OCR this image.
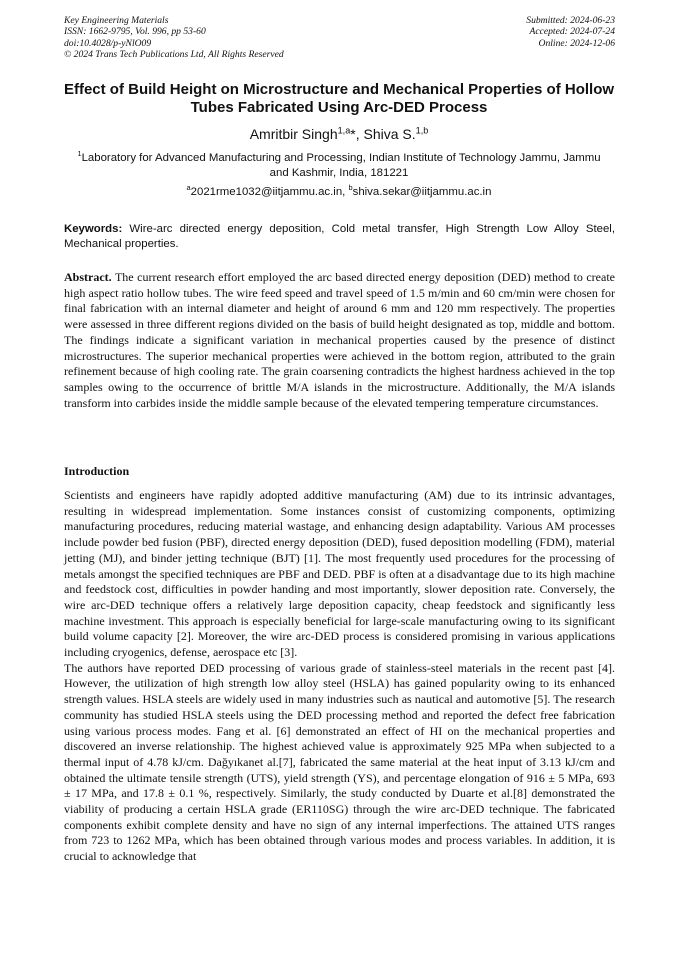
Key Engineering Materials
ISSN: 1662-9795, Vol. 996, pp 53-60
doi:10.4028/p-yNlO09
© 2024 Trans Tech Publications Ltd, All Rights Reserved
Submitted: 2024-06-23
Accepted: 2024-07-24
Online: 2024-12-06
Effect of Build Height on Microstructure and Mechanical Properties of Hollow Tubes Fabricated Using Arc-DED Process
Amritbir Singh$^{1,a}$*, Shiva S.$^{1,b}$
$^1$Laboratory for Advanced Manufacturing and Processing, Indian Institute of Technology Jammu, Jammu and Kashmir, India, 181221
$^a$2021rme1032@iitjammu.ac.in, $^b$shiva.sekar@iitjammu.ac.in
Keywords: Wire-arc directed energy deposition, Cold metal transfer, High Strength Low Alloy Steel, Mechanical properties.
Abstract. The current research effort employed the arc based directed energy deposition (DED) method to create high aspect ratio hollow tubes. The wire feed speed and travel speed of 1.5 m/min and 60 cm/min were chosen for final fabrication with an internal diameter and height of around 6 mm and 120 mm respectively. The properties were assessed in three different regions divided on the basis of build height designated as top, middle and bottom. The findings indicate a significant variation in mechanical properties caused by the presence of distinct microstructures. The superior mechanical properties were achieved in the bottom region, attributed to the grain refinement because of high cooling rate. The grain coarsening contradicts the highest hardness achieved in the top samples owing to the occurrence of brittle M/A islands in the microstructure. Additionally, the M/A islands transform into carbides inside the middle sample because of the elevated tempering temperature circumstances.
Introduction

Scientists and engineers have rapidly adopted additive manufacturing (AM) due to its intrinsic advantages, resulting in widespread implementation. Some instances consist of customizing components, optimizing manufacturing procedures, reducing material wastage, and enhancing design adaptability. Various AM processes include powder bed fusion (PBF), directed energy deposition (DED), fused deposition modelling (FDM), material jetting (MJ), and binder jetting technique (BJT) [1]. The most frequently used procedures for the processing of metals amongst the specified techniques are PBF and DED. PBF is often at a disadvantage due to its high machine and feedstock cost, difficulties in powder handing and most importantly, slower deposition rate. Conversely, the wire arc-DED technique offers a relatively large deposition capacity, cheap feedstock and significantly less machine investment. This approach is especially beneficial for large-scale manufacturing owing to its significant build volume capacity [2]. Moreover, the wire arc-DED process is considered promising in various applications including cryogenics, defense, aerospace etc [3].

The authors have reported DED processing of various grade of stainless-steel materials in the recent past [4]. However, the utilization of high strength low alloy steel (HSLA) has gained popularity owing to its enhanced strength values. HSLA steels are widely used in many industries such as nautical and automotive [5]. The research community has studied HSLA steels using the DED processing method and reported the defect free fabrication using various process modes. Fang et al. [6] demonstrated an effect of HI on the mechanical properties and discovered an inverse relationship. The highest achieved value is approximately 925 MPa when subjected to a thermal input of 4.78 kJ/cm. Dağyıkanet al.[7], fabricated the same material at the heat input of 3.13 kJ/cm and obtained the ultimate tensile strength (UTS), yield strength (YS), and percentage elongation of 916 ± 5 MPa, 693 ± 17 MPa, and 17.8 ± 0.1 %, respectively. Similarly, the study conducted by Duarte et al.[8] demonstrated the viability of producing a certain HSLA grade (ER110SG) through the wire arc-DED technique. The fabricated components exhibit complete density and have no sign of any internal imperfections. The attained UTS ranges from 723 to 1262 MPa, which has been obtained through various modes and process variables. In addition, it is crucial to acknowledge that
